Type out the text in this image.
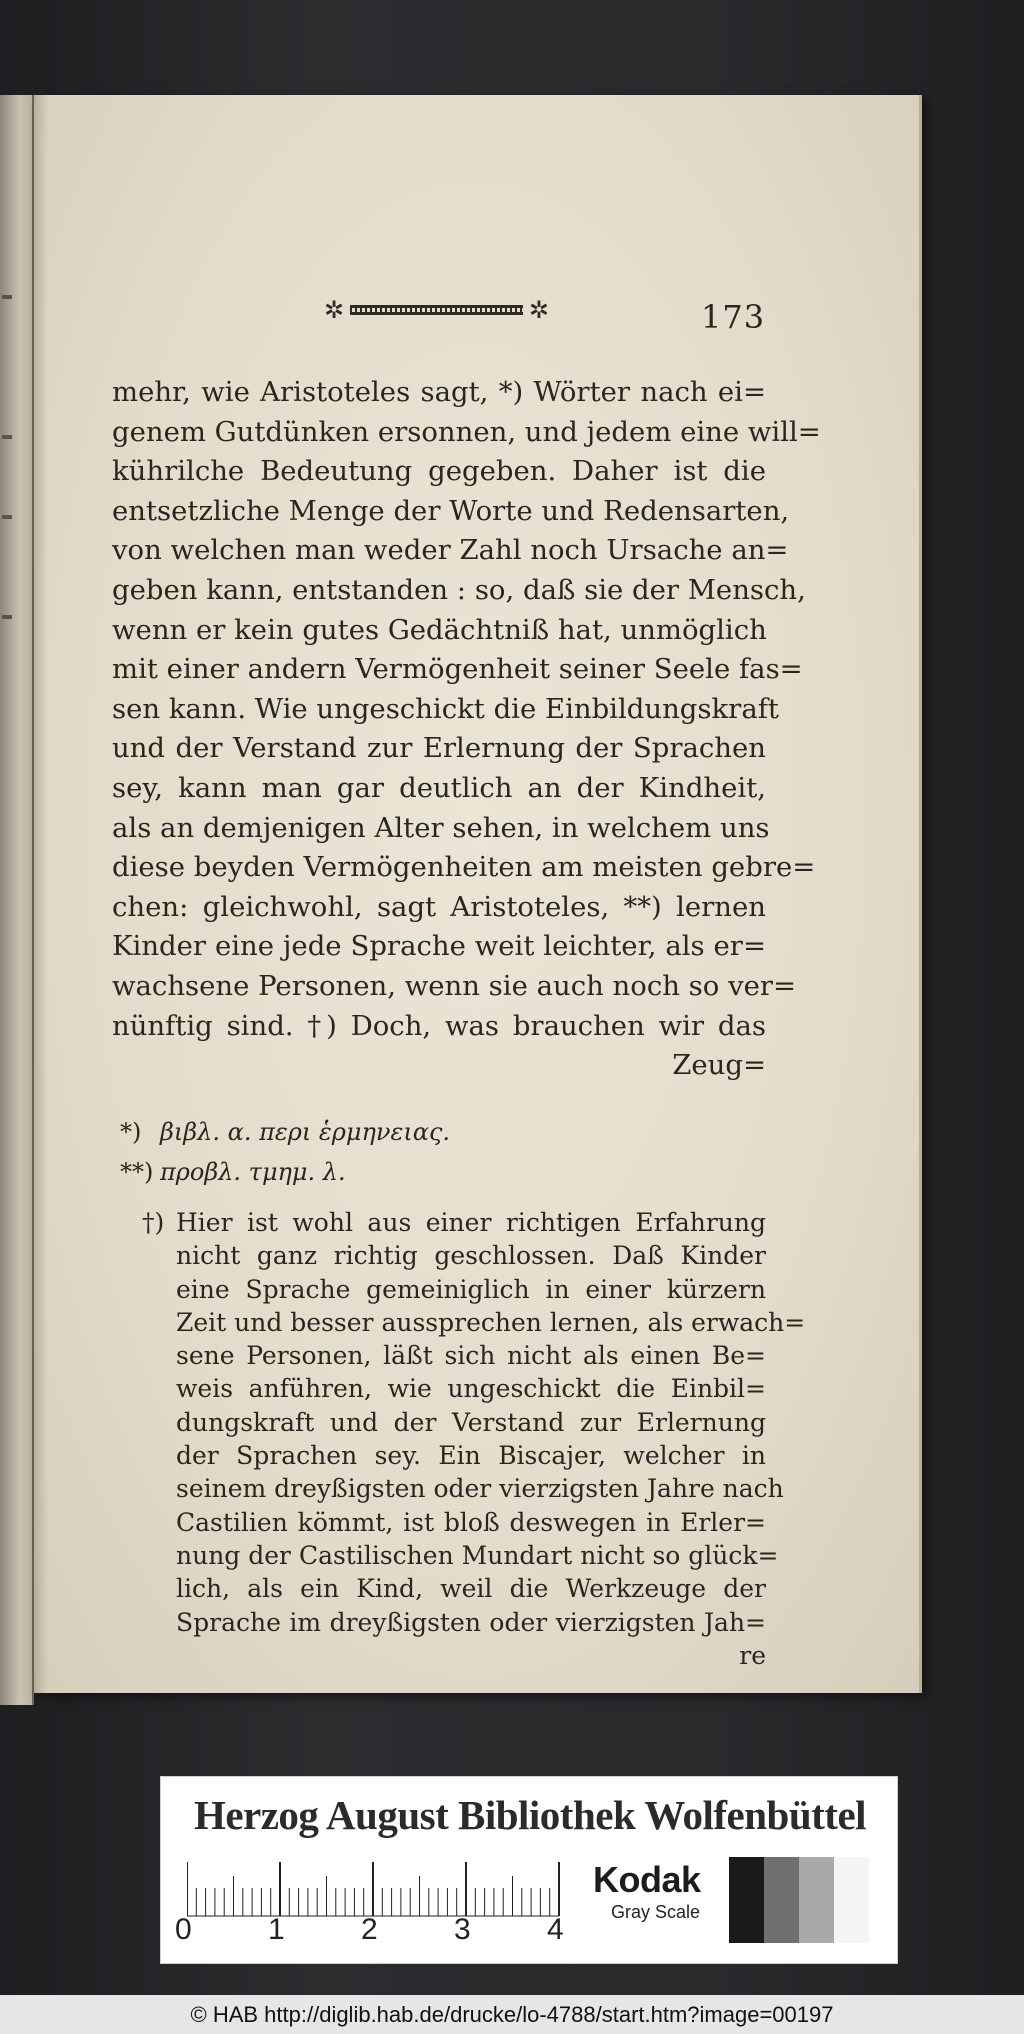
✲	✲	173
mehr, wie Aristoteles sagt, *) Wörter nach ei=
genem Gutdünken ersonnen, und jedem eine will=
kührilche Bedeutung gegeben. Daher ist die
entsetzliche Menge der Worte und Redensarten,
von welchen man weder Zahl noch Ursache an=
geben kann, entstanden : so, daß sie der Mensch,
wenn er kein gutes Gedächtniß hat, unmöglich
mit einer andern Vermögenheit seiner Seele fas=
sen kann. Wie ungeschickt die Einbildungskraft
und der Verstand zur Erlernung der Sprachen
sey, kann man gar deutlich an der Kindheit,
als an demjenigen Alter sehen, in welchem uns
diese beyden Vermögenheiten am meisten gebre=
chen: gleichwohl, sagt Aristoteles, **) lernen
Kinder eine jede Sprache weit leichter, als er=
wachsene Personen, wenn sie auch noch so ver=
nünftig sind. †) Doch, was brauchen wir das
Zeug=
*) βιβλ. α. περι ἑρμηνειας.
**) προβλ. τμημ. λ.
†) Hier ist wohl aus einer richtigen Erfahrung
nicht ganz richtig geschlossen. Daß Kinder
eine Sprache gemeiniglich in einer kürzern
Zeit und besser aussprechen lernen, als erwach=
sene Personen, läßt sich nicht als einen Be=
weis anführen, wie ungeschickt die Einbil=
dungskraft und der Verstand zur Erlernung
der Sprachen sey. Ein Biscajer, welcher in
seinem dreyßigsten oder vierzigsten Jahre nach
Castilien kömmt, ist bloß deswegen in Erler=
nung der Castilischen Mundart nicht so glück=
lich, als ein Kind, weil die Werkzeuge der
Sprache im dreyßigsten oder vierzigsten Jah=
re
Herzog August Bibliothek Wolfenbüttel
0	1	2	3	4
Kodak
Gray Scale
© HAB http://diglib.hab.de/drucke/lo-4788/start.htm?image=00197
